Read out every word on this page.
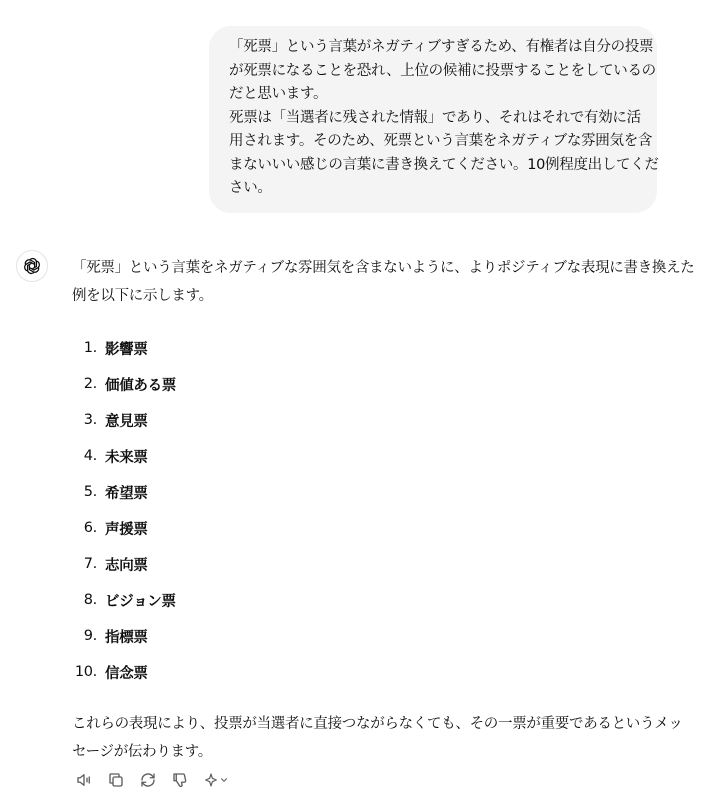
「死票」という言葉がネガティブすぎるため、有権者は自分の投票
が死票になることを恐れ、上位の候補に投票することをしているの
だと思います。
死票は「当選者に残された情報」であり、それはそれで有効に活
用されます。そのため、死票という言葉をネガティブな雰囲気を含
まないいい感じの言葉に書き換えてください。10例程度出してくだ
さい。

「死票」という言葉をネガティブな雰囲気を含まないように、よりポジティブな表現に書き換えた
例を以下に示します。

1. 影響票
2. 価値ある票
3. 意見票
4. 未来票
5. 希望票
6. 声援票
7. 志向票
8. ビジョン票
9. 指標票
10. 信念票

これらの表現により、投票が当選者に直接つながらなくても、その一票が重要であるというメッ
セージが伝わります。
